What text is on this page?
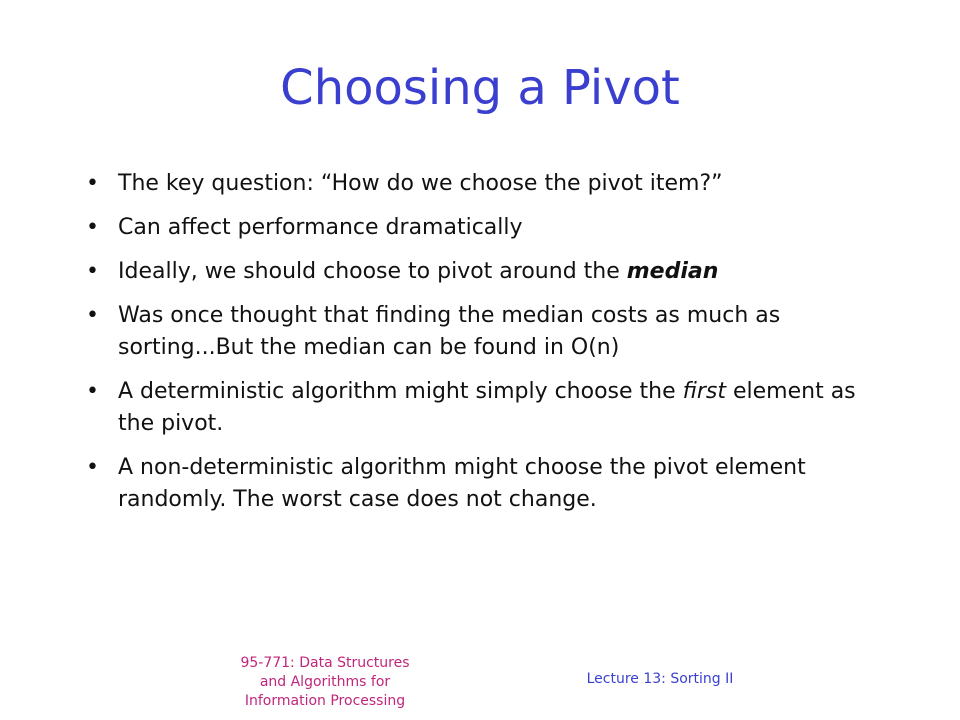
Choosing a Pivot
• The key question: “How do we choose the pivot item?”
• Can affect performance dramatically
• Ideally, we should choose to pivot around the median
• Was once thought that finding the median costs as much as sorting...But the median can be found in O(n)
• A deterministic algorithm might simply choose the first element as the pivot.
• A non-deterministic algorithm might choose the pivot element randomly. The worst case does not change.
95-771: Data Structures
and Algorithms for
Information Processing
Lecture 13: Sorting II
